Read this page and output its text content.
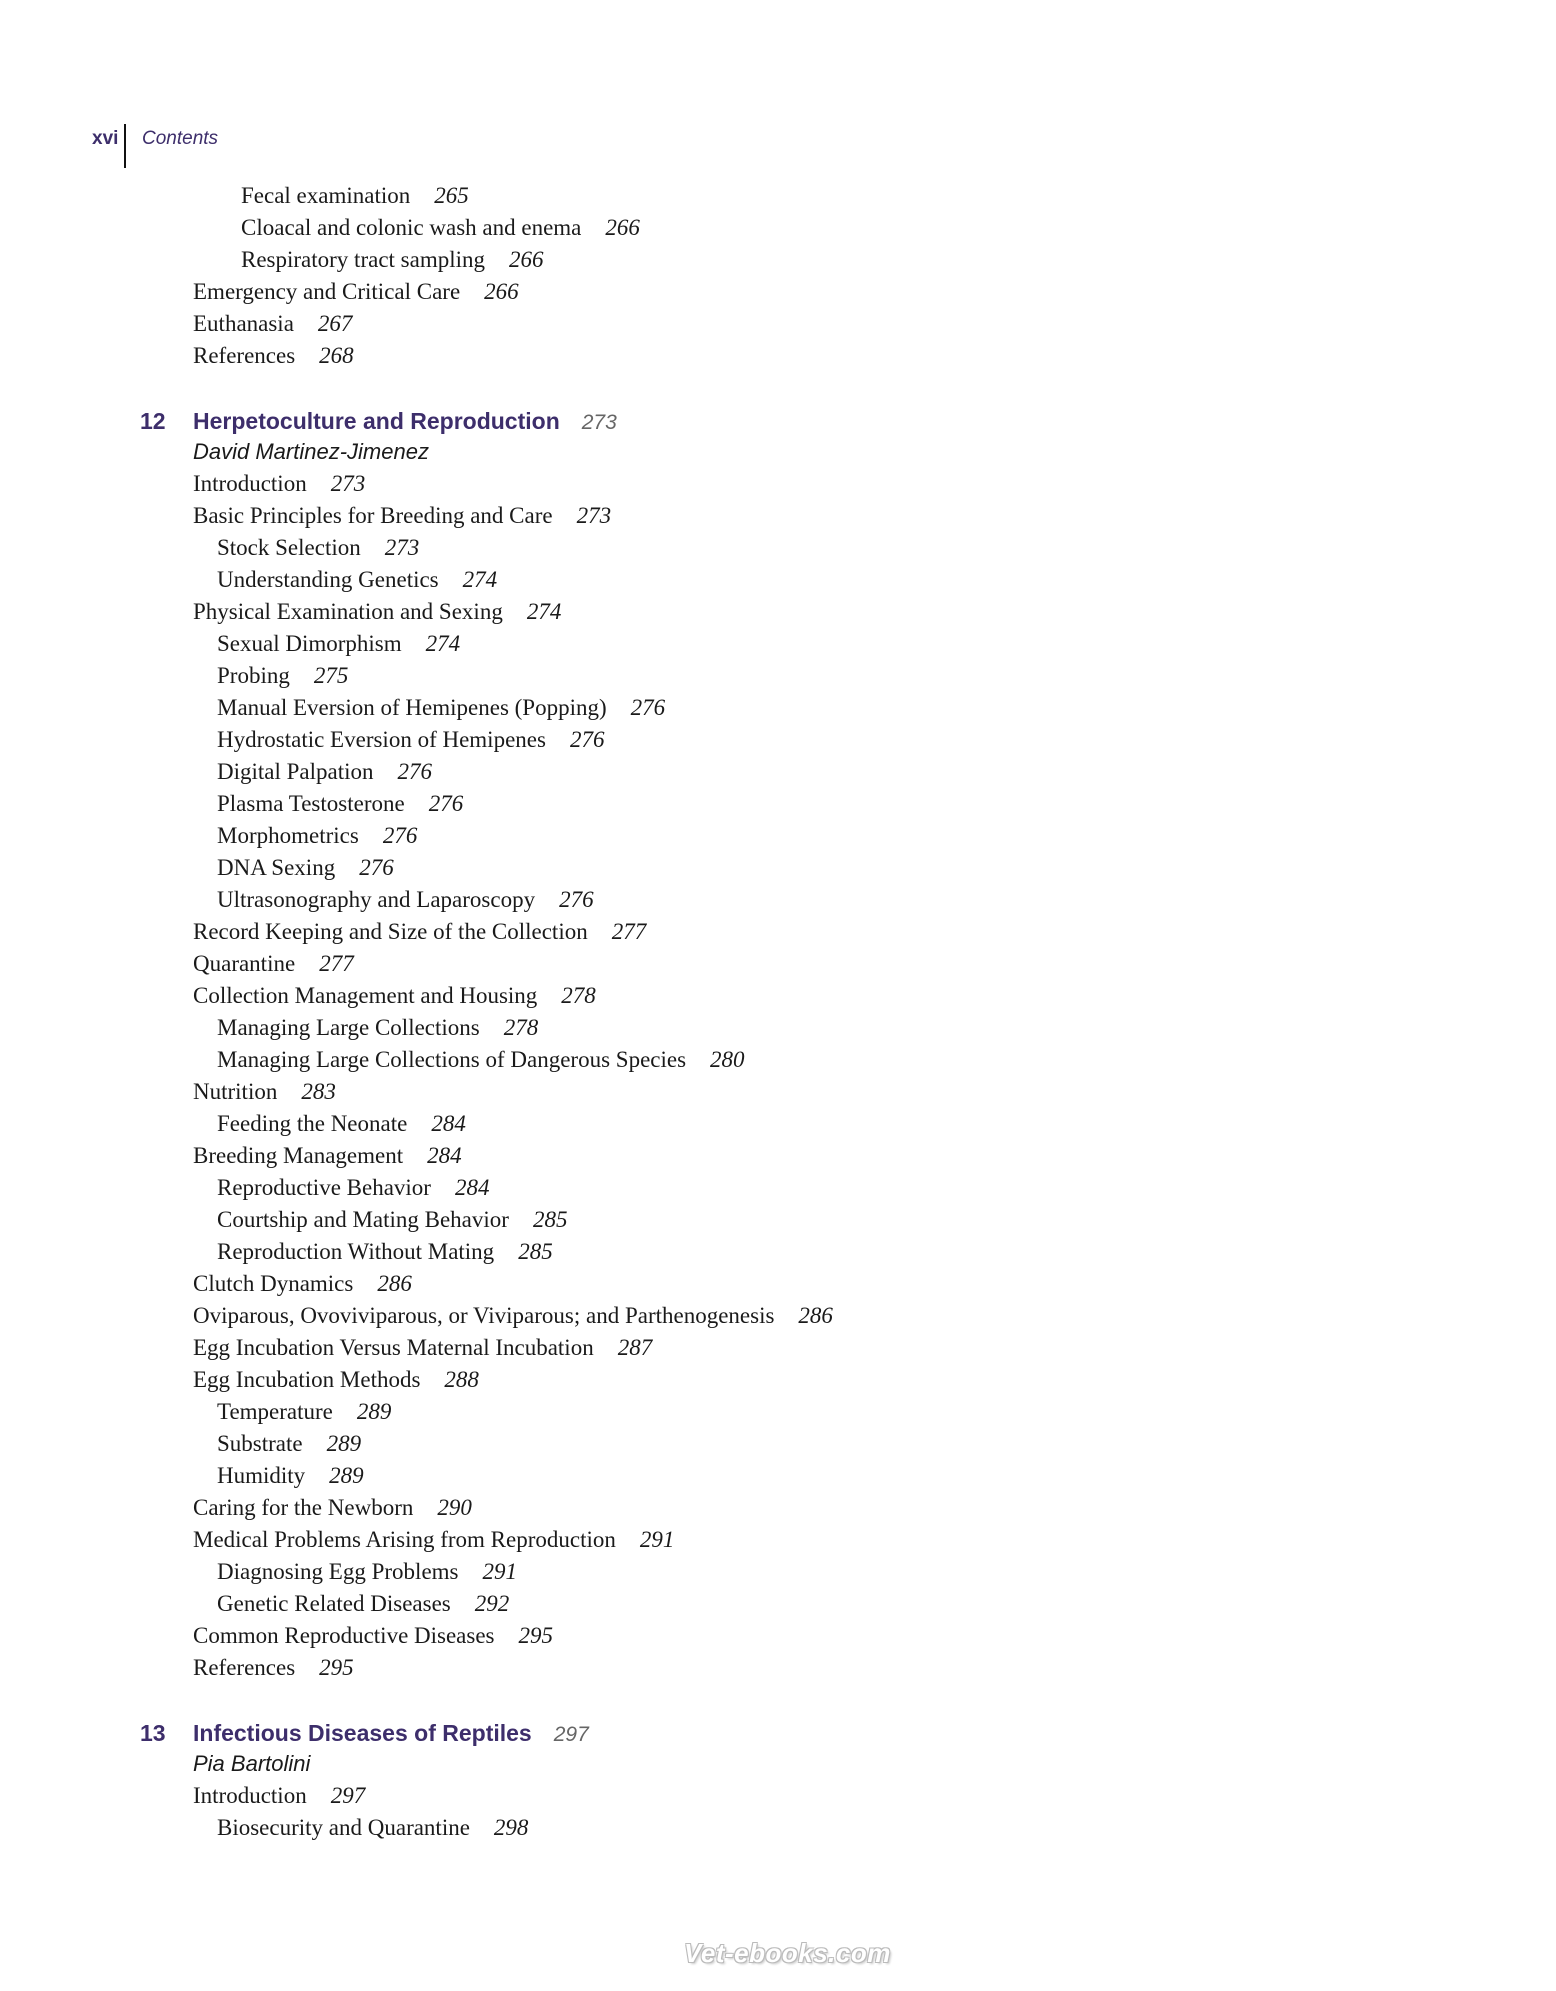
xvi Contents
Fecal examination 265
Cloacal and colonic wash and enema 266
Respiratory tract sampling 266
Emergency and Critical Care 266
Euthanasia 267
References 268
12 Herpetoculture and Reproduction 273
David Martinez-Jimenez
Introduction 273
Basic Principles for Breeding and Care 273
Stock Selection 273
Understanding Genetics 274
Physical Examination and Sexing 274
Sexual Dimorphism 274
Probing 275
Manual Eversion of Hemipenes (Popping) 276
Hydrostatic Eversion of Hemipenes 276
Digital Palpation 276
Plasma Testosterone 276
Morphometrics 276
DNA Sexing 276
Ultrasonography and Laparoscopy 276
Record Keeping and Size of the Collection 277
Quarantine 277
Collection Management and Housing 278
Managing Large Collections 278
Managing Large Collections of Dangerous Species 280
Nutrition 283
Feeding the Neonate 284
Breeding Management 284
Reproductive Behavior 284
Courtship and Mating Behavior 285
Reproduction Without Mating 285
Clutch Dynamics 286
Oviparous, Ovoviviparous, or Viviparous; and Parthenogenesis 286
Egg Incubation Versus Maternal Incubation 287
Egg Incubation Methods 288
Temperature 289
Substrate 289
Humidity 289
Caring for the Newborn 290
Medical Problems Arising from Reproduction 291
Diagnosing Egg Problems 291
Genetic Related Diseases 292
Common Reproductive Diseases 295
References 295
13 Infectious Diseases of Reptiles 297
Pia Bartolini
Introduction 297
Biosecurity and Quarantine 298
Vet-ebooks.com
